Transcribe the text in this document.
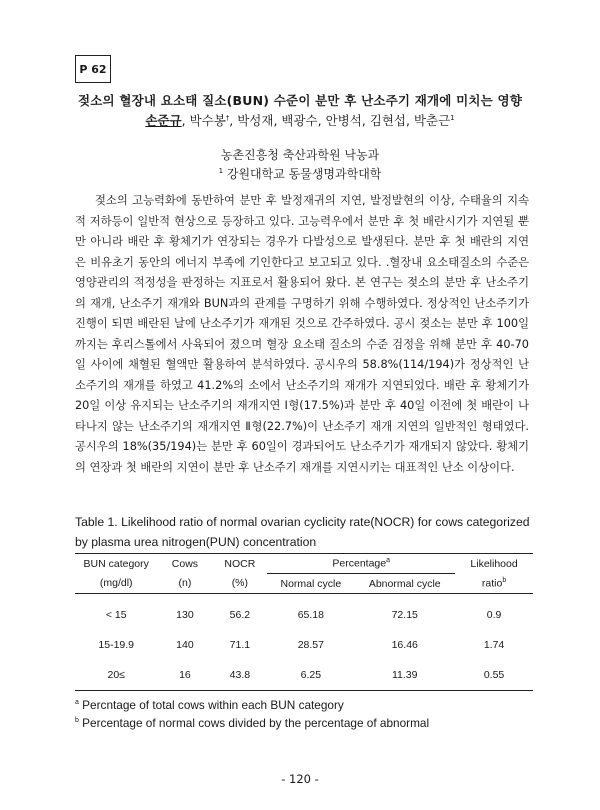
P 62
젖소의 혈장내 요소태 질소(BUN) 수준이 분만 후 난소주기 재개에 미치는 영향
손준규, 박수봉†, 박성재, 백광수, 안병석, 김현섭, 박춘근$^1$
농촌진흥청 축산과학원 낙농과
$^1$ 강원대학교 동물생명과학대학

젖소의 고능력화에 동반하여 분만 후 발정재귀의 지연, 발정발현의 이상, 수태율의 지속적 저하등이 일반적 현상으로 등장하고 있다. 고능력우에서 분만 후 첫 배란시기가 지연될 뿐만 아니라 배란 후 황체기가 연장되는 경우가 다발성으로 발생된다. 분만 후 첫 배란의 지연은 비유초기 동안의 에너지 부족에 기인한다고 보고되고 있다. .혈장내 요소태질소의 수준은 영양관리의 적정성을 판정하는 지표로서 활용되어 왔다. 본 연구는 젖소의 분만 후 난소주기의 재개, 난소주기 재개와 BUN과의 관계를 구명하기 위해 수행하였다. 정상적인 난소주기가 진행이 되면 배란된 날에 난소주기가 재개된 것으로 간주하였다. 공시 젖소는 분만 후 100일 까지는 후리스톨에서 사육되어 졌으며 혈장 요소태 질소의 수준 검정을 위해 분만 후 40-70일 사이에 채혈된 혈액만 활용하여 분석하였다. 공시우의 58.8%(114/194)가 정상적인 난소주기의 재개를 하였고 41.2%의 소에서 난소주기의 재개가 지연되었다. 배란 후 황체기가 20일 이상 유지되는 난소주기의 재개지연 Ⅰ형(17.5%)과 분만 후 40일 이전에 첫 배란이 나타나지 않는 난소주기의 재개지연 Ⅱ형(22.7%)이 난소주기 재개 지연의 일반적인 형태였다. 공시우의 18%(35/194)는 분만 후 60일이 경과되어도 난소주기가 재개되지 않았다. 황체기의 연장과 첫 배란의 지연이 분만 후 난소주기 재개를 지연시키는 대표적인 난소 이상이다.

Table 1. Likelihood ratio of normal ovarian cyclicity rate(NOCR) for cows categorized by plasma urea nitrogen(PUN) concentration
BUN category	Cows	NOCR	Percentage$^a$		Likelihood
(mg/dl)	(n)	(%)	Normal cycle	Abnormal cycle	ratio$^b$
< 15	130	56.2	65.18	72.15	0.9
15-19.9	140	71.1	28.57	16.46	1.74
20≤	16	43.8	6.25	11.39	0.55
$^a$ Percntage of total cows within each BUN category
$^b$ Percentage of normal cows divided by the percentage of abnormal
- 120 -
